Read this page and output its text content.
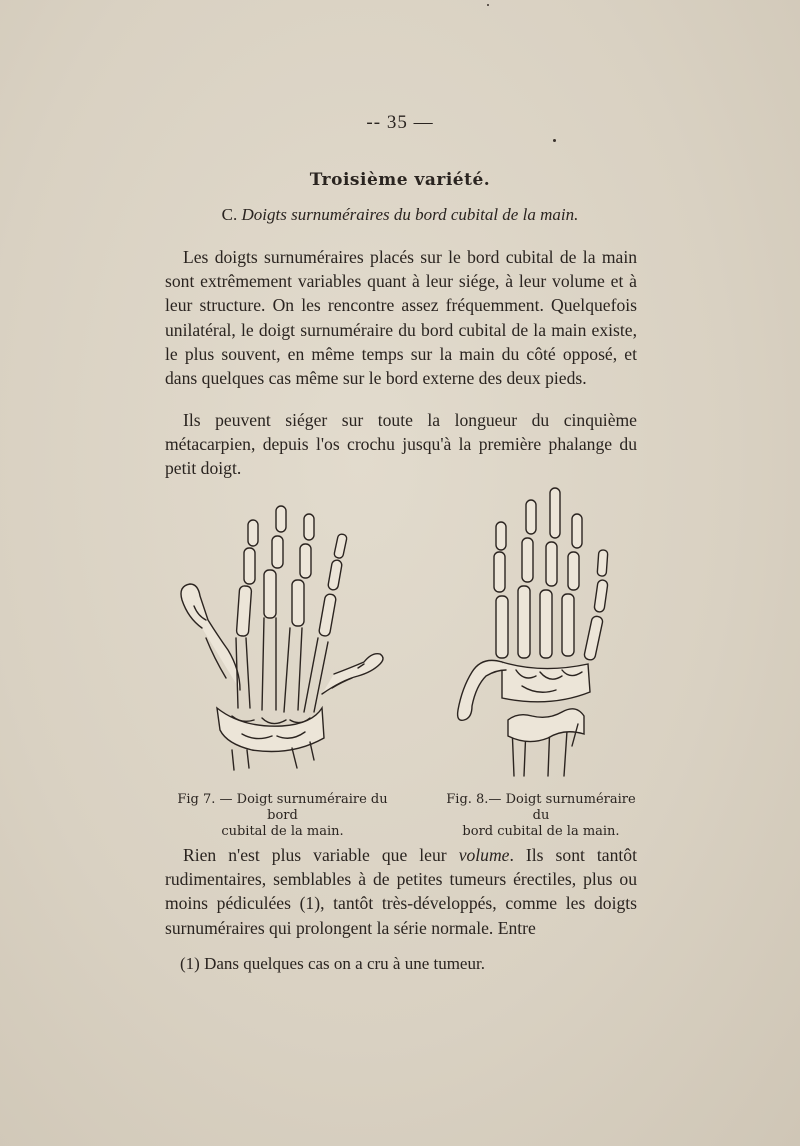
-- 35 —
Troisième variété.
C. Doigts surnuméraires du bord cubital de la main.

Les doigts surnuméraires placés sur le bord cubital de la main sont extrêmement variables quant à leur siége, à leur volume et à leur structure. On les rencontre assez fréquemment. Quelquefois unilatéral, le doigt surnuméraire du bord cubital de la main existe, le plus souvent, en même temps sur la main du côté opposé, et dans quelques cas même sur le bord externe des deux pieds.

Ils peuvent siéger sur toute la longueur du cinquième métacarpien, depuis l'os crochu jusqu'à la première phalange du petit doigt.

Fig 7. — Doigt surnuméraire du bord
cubital de la main.
Fig. 8.— Doigt surnuméraire du
bord cubital de la main.

Rien n'est plus variable que leur volume. Ils sont tantôt rudimentaires, semblables à de petites tumeurs érectiles, plus ou moins pédiculées (1), tantôt très-développés, comme les doigts surnuméraires qui prolongent la série normale. Entre

(1) Dans quelques cas on a cru à une tumeur.
